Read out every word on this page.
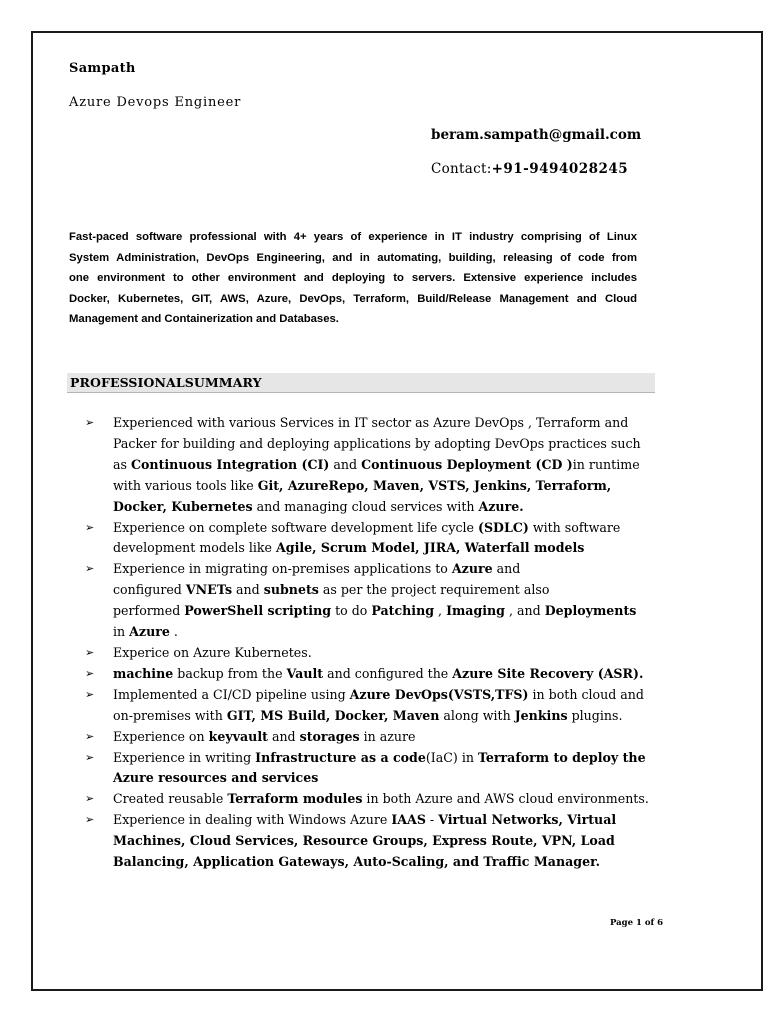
Sampath
Azure Devops Engineer
beram.sampath@gmail.com
Contact:+91-9494028245
Fast-paced software professional with 4+ years of experience in IT industry comprising of Linux
System Administration, DevOps Engineering, and in automating, building, releasing of code from
one environment to other environment and deploying to servers. Extensive experience includes
Docker, Kubernetes, GIT, AWS, Azure, DevOps, Terraform, Build/Release Management and Cloud
Management and Containerization and Databases.
PROFESSIONALSUMMARY
➢ Experienced with various Services in IT sector as Azure DevOps , Terraform and
Packer for building and deploying applications by adopting DevOps practices such
as Continuous Integration (CI) and Continuous Deployment (CD )in runtime
with various tools like Git, AzureRepo, Maven, VSTS, Jenkins, Terraform,
Docker, Kubernetes and managing cloud services with Azure.
➢ Experience on complete software development life cycle (SDLC) with software
development models like Agile, Scrum Model, JIRA, Waterfall models
➢ Experience in migrating on-premises applications to Azure and
configured VNETs and subnets as per the project requirement also
performed PowerShell scripting to do Patching , Imaging , and Deployments
in Azure .
➢ Experice on Azure Kubernetes.
➢ machine backup from the Vault and configured the Azure Site Recovery (ASR).
➢ Implemented a CI/CD pipeline using Azure DevOps(VSTS,TFS) in both cloud and
on-premises with GIT, MS Build, Docker, Maven along with Jenkins plugins.
➢ Experience on keyvault and storages in azure
➢ Experience in writing Infrastructure as a code(IaC) in Terraform to deploy the
Azure resources and services
➢ Created reusable Terraform modules in both Azure and AWS cloud environments.
➢ Experience in dealing with Windows Azure IAAS - Virtual Networks, Virtual
Machines, Cloud Services, Resource Groups, Express Route, VPN, Load
Balancing, Application Gateways, Auto-Scaling, and Traffic Manager.
Page 1 of 6
